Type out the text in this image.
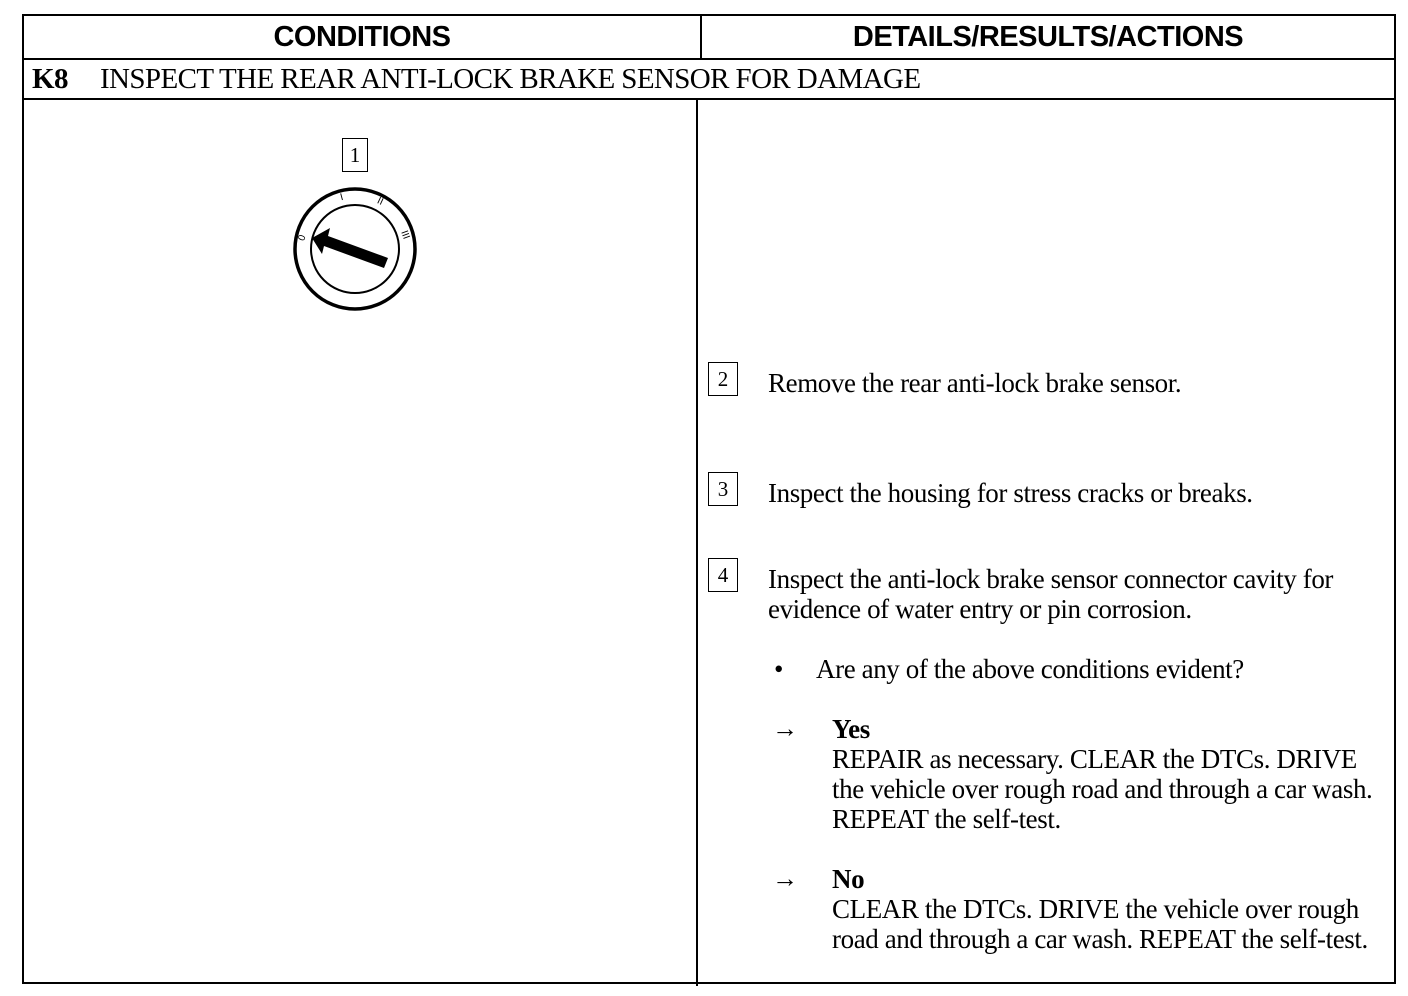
CONDITIONS	DETAILS/RESULTS/ACTIONS
K8	INSPECT THE REAR ANTI-LOCK BRAKE SENSOR FOR DAMAGE
1
0
I	II
III
2	Remove the rear anti-lock brake sensor.
3	Inspect the housing for stress cracks or breaks.
4	Inspect the anti-lock brake sensor connector cavity for evidence of water entry or pin corrosion.
• Are any of the above conditions evident?
→ Yes
REPAIR as necessary. CLEAR the DTCs. DRIVE the vehicle over rough road and through a car wash. REPEAT the self-test.
→ No
CLEAR the DTCs. DRIVE the vehicle over rough road and through a car wash. REPEAT the self-test.
